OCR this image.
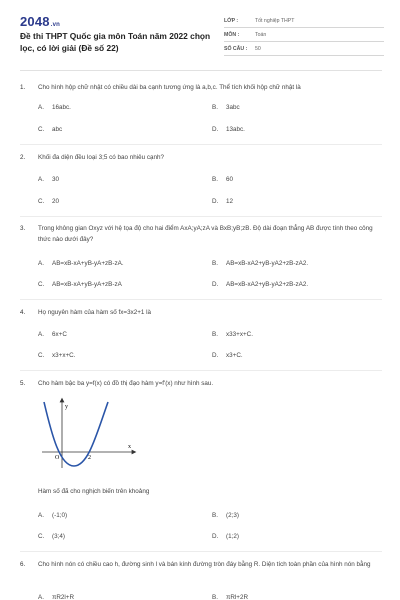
2048.vn
Đề thi THPT Quốc gia môn Toán năm 2022 chọn lọc, có lời giải (Đề số 22)
LỚP :	Tốt nghiệp THPT
MÔN :	Toán
SỐ CÂU :	50
1. Cho hình hộp chữ nhật có chiều dài ba cạnh tương ứng là a,b,c. Thể tích khối hộp chữ nhật là
A. 16abc.	B. 3abc
C. abc	D. 13abc.
2. Khối đa diện đều loại 3;5 có bao nhiêu cạnh?
A. 30	B. 60
C. 20	D. 12
3. Trong không gian Oxyz với hệ tọa độ cho hai điểm AxA;yA;zA và BxB;yB;zB. Độ dài đoạn thẳng AB được tính theo công thức nào dưới đây?
A. AB=xB-xA+yB-yA+zB-zA.	B. AB=xB-xA2+yB-yA2+zB-zA2.
C. AB=xB-xA+yB-yA+zB-zA	D. AB=xB-xA2+yB-yA2+zB-zA2.
4. Họ nguyên hàm của hàm số fx=3x2+1 là
A. 6x+C	B. x33+x+C.
C. x3+x+C.	D. x3+C.
5. Cho hàm bậc ba y=f(x) có đồ thị đạo hàm y=f'(x) như hình sau.
y
x
O	2
Hàm số đã cho nghịch biến trên khoảng
A. (-1;0)	B. (2;3)
C. (3;4)	D. (1;2)
6. Cho hình nón có chiều cao h, đường sinh l và bán kính đường tròn đáy bằng R. Diện tích toàn phần của hình nón bằng
A. πR2l+R	B. πRl+2R
